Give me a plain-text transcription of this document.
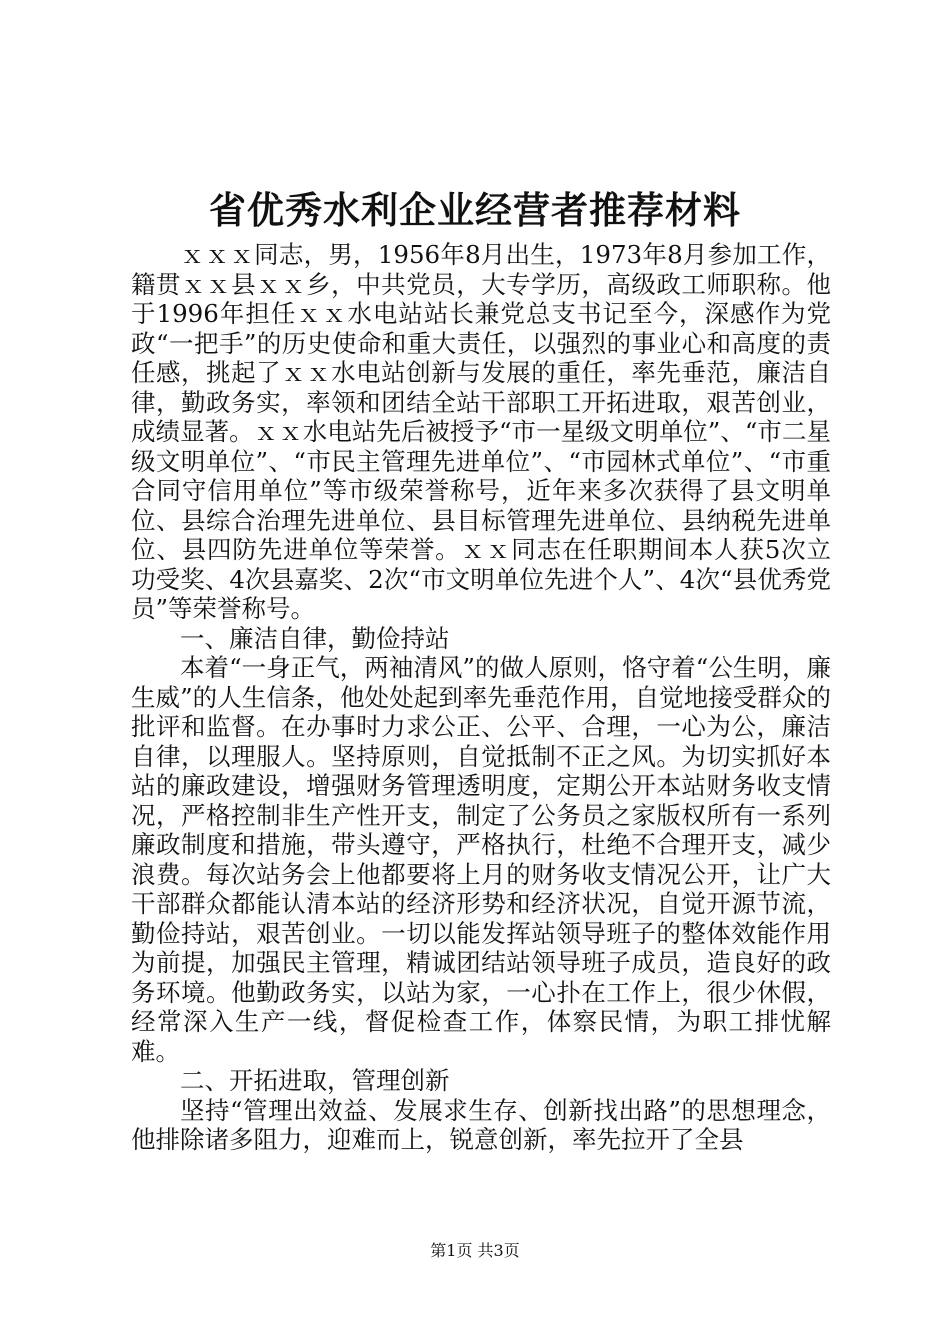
省优秀水利企业经营者推荐材料

ｘｘｘ同志，男，1956年8月出生，1973年8月参加工作，籍贯ｘｘ县ｘｘ乡，中共党员，大专学历，高级政工师职称。他于1996年担任ｘｘ水电站站长兼党总支书记至今，深感作为党政“一把手”的历史使命和重大责任，以强烈的事业心和高度的责任感，挑起了ｘｘ水电站创新与发展的重任，率先垂范，廉洁自律，勤政务实，率领和团结全站干部职工开拓进取，艰苦创业，成绩显著。ｘｘ水电站先后被授予“市一星级文明单位”、“市二星级文明单位”、“市民主管理先进单位”、“市园林式单位”、“市重合同守信用单位”等市级荣誉称号，近年来多次获得了县文明单位、县综合治理先进单位、县目标管理先进单位、县纳税先进单位、县四防先进单位等荣誉。ｘｘ同志在任职期间本人获5次立功受奖、4次县嘉奖、2次“市文明单位先进个人”、4次“县优秀党员”等荣誉称号。

一、廉洁自律，勤俭持站

本着“一身正气，两袖清风”的做人原则，恪守着“公生明，廉生威”的人生信条，他处处起到率先垂范作用，自觉地接受群众的批评和监督。在办事时力求公正、公平、合理，一心为公，廉洁自律，以理服人。坚持原则，自觉抵制不正之风。为切实抓好本站的廉政建设，增强财务管理透明度，定期公开本站财务收支情况，严格控制非生产性开支，制定了公务员之家版权所有一系列廉政制度和措施，带头遵守，严格执行，杜绝不合理开支，减少浪费。每次站务会上他都要将上月的财务收支情况公开，让广大干部群众都能认清本站的经济形势和经济状况，自觉开源节流，勤俭持站，艰苦创业。一切以能发挥站领导班子的整体效能作用为前提，加强民主管理，精诚团结站领导班子成员，造良好的政务环境。他勤政务实，以站为家，一心扑在工作上，很少休假，经常深入生产一线，督促检查工作，体察民情，为职工排忧解难。

二、开拓进取，管理创新

坚持“管理出效益、发展求生存、创新找出路”的思想理念，他排除诸多阻力，迎难而上，锐意创新，率先拉开了全县

第1页 共3页
